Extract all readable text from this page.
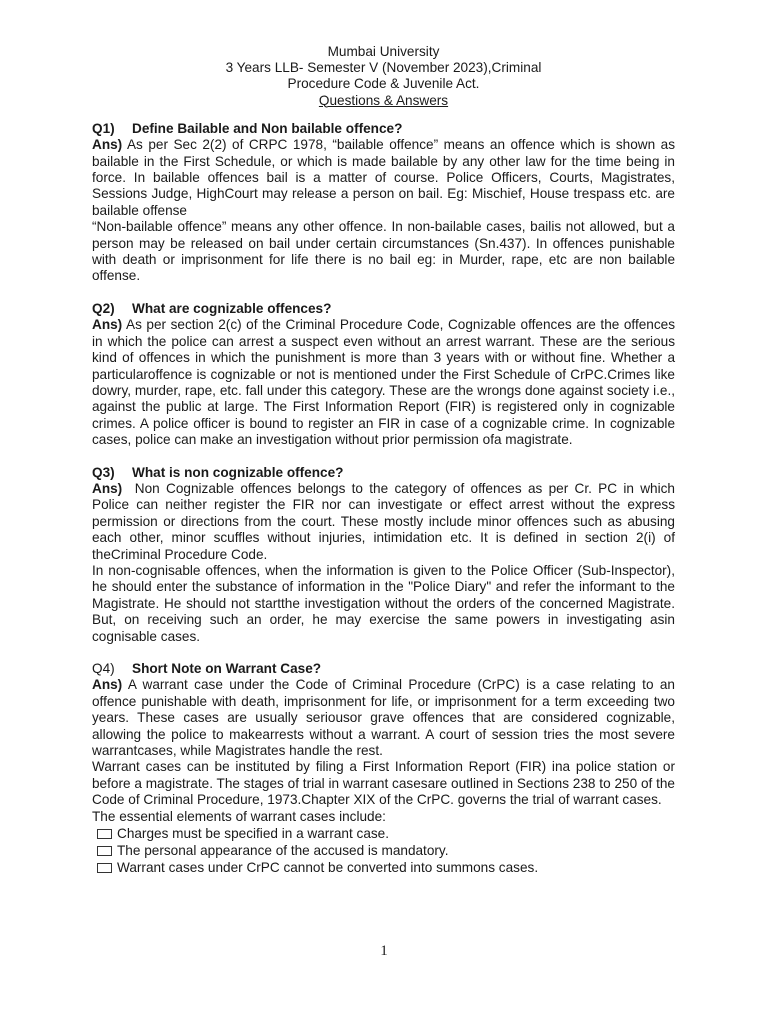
Mumbai University
3 Years LLB- Semester V (November 2023),Criminal
Procedure Code & Juvenile Act.
Questions & Answers
Q1) Define Bailable and Non bailable offence?

Ans) As per Sec 2(2) of CRPC 1978, “bailable offence” means an offence which is shown as bailable in the First Schedule, or which is made bailable by any other law for the time being in force. In bailable offences bail is a matter of course. Police Officers, Courts, Magistrates, Sessions Judge, HighCourt may release a person on bail. Eg: Mischief, House trespass etc. are bailable offense

“Non-bailable offence” means any other offence. In non-bailable cases, bailis not allowed, but a person may be released on bail under certain circumstances (Sn.437). In offences punishable with death or imprisonment for life there is no bail eg: in Murder, rape, etc are non bailable offense.

Q2) What are cognizable offences?

Ans) As per section 2(c) of the Criminal Procedure Code, Cognizable offences are the offences in which the police can arrest a suspect even without an arrest warrant. These are the serious kind of offences in which the punishment is more than 3 years with or without fine. Whether a particularoffence is cognizable or not is mentioned under the First Schedule of CrPC.Crimes like dowry, murder, rape, etc. fall under this category. These are the wrongs done against society i.e., against the public at large. The First Information Report (FIR) is registered only in cognizable crimes. A police officer is bound to register an FIR in case of a cognizable crime. In cognizable cases, police can make an investigation without prior permission ofa magistrate.

Q3) What is non cognizable offence?

Ans) Non Cognizable offences belongs to the category of offences as per Cr. PC in which Police can neither register the FIR nor can investigate or effect arrest without the express permission or directions from the court. These mostly include minor offences such as abusing each other, minor scuffles without injuries, intimidation etc. It is defined in section 2(i) of theCriminal Procedure Code.

In non-cognisable offences, when the information is given to the Police Officer (Sub-Inspector), he should enter the substance of information in the "Police Diary" and refer the informant to the Magistrate. He should not startthe investigation without the orders of the concerned Magistrate. But, on receiving such an order, he may exercise the same powers in investigating asin cognisable cases.

Q4) Short Note on Warrant Case?

Ans) A warrant case under the Code of Criminal Procedure (CrPC) is a case relating to an offence punishable with death, imprisonment for life, or imprisonment for a term exceeding two years. These cases are usually seriousor grave offences that are considered cognizable, allowing the police to makearrests without a warrant. A court of session tries the most severe warrantcases, while Magistrates handle the rest.

Warrant cases can be instituted by filing a First Information Report (FIR) ina police station or before a magistrate. The stages of trial in warrant casesare outlined in Sections 238 to 250 of the Code of Criminal Procedure, 1973.Chapter XIX of the CrPC. governs the trial of warrant cases.

The essential elements of warrant cases include:

Charges must be specified in a warrant case.
The personal appearance of the accused is mandatory.
Warrant cases under CrPC cannot be converted into summons cases.
1
